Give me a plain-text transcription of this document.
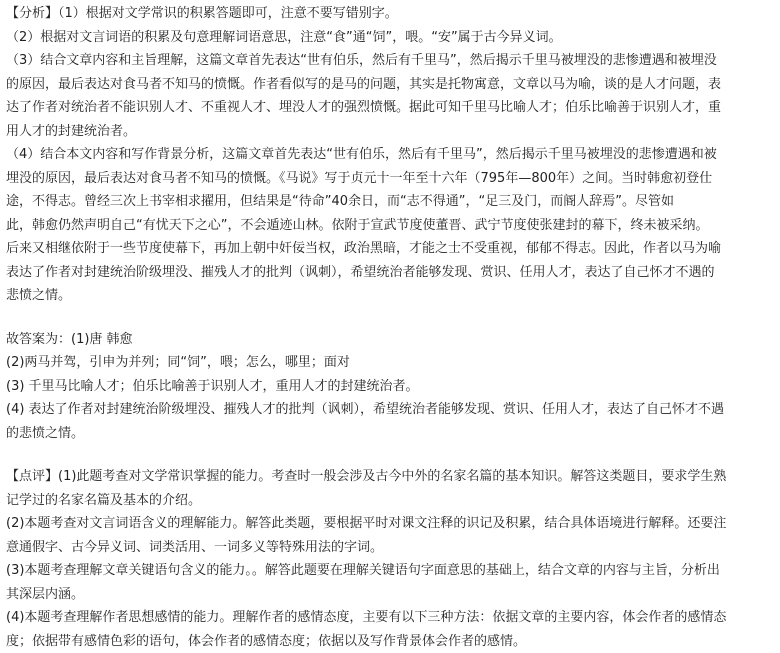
【分析】（1）根据对文学常识的积累答题即可，注意不要写错别字。
（2）根据对文言词语的积累及句意理解词语意思，注意“食”通“饲”，喂。“安”属于古今异义词。
（3）结合文章内容和主旨理解，这篇文章首先表达“世有伯乐，然后有千里马”，然后揭示千里马被埋没的悲惨遭遇和被埋没
的原因，最后表达对食马者不知马的愤慨。作者看似写的是马的问题，其实是托物寓意，文章以马为喻，谈的是人才问题，表
达了作者对统治者不能识别人才、不重视人才、埋没人才的强烈愤慨。据此可知千里马比喻人才；伯乐比喻善于识别人才，重
用人才的封建统治者。
（4）结合本文内容和写作背景分析，这篇文章首先表达“世有伯乐，然后有千里马”，然后揭示千里马被埋没的悲惨遭遇和被
埋没的原因，最后表达对食马者不知马的愤慨。《马说》写于贞元十一年至十六年（795年—800年）之间。当时韩愈初登仕
途，不得志。曾经三次上书宰相求擢用，但结果是“待命”40余日，而“志不得通”，“足三及门，而阍人辞焉”。尽管如
此，韩愈仍然声明自己“有忧天下之心”，不会遁迹山林。依附于宣武节度使董晋、武宁节度使张建封的幕下，终未被采纳。
后来又相继依附于一些节度使幕下，再加上朝中奸佞当权，政治黑暗，才能之士不受重视，郁郁不得志。因此，作者以马为喻
表达了作者对封建统治阶级埋没、摧残人才的批判（讽刺），希望统治者能够发现、赏识、任用人才，表达了自己怀才不遇的
悲愤之情。
故答案为：(1)唐 韩愈
(2)两马并驾，引申为并列；同“饲”，喂；怎么，哪里；面对
(3) 千里马比喻人才；伯乐比喻善于识别人才，重用人才的封建统治者。
(4) 表达了作者对封建统治阶级埋没、摧残人才的批判（讽刺），希望统治者能够发现、赏识、任用人才，表达了自己怀才不遇
的悲愤之情。
【点评】(1)此题考查对文学常识掌握的能力。考查时一般会涉及古今中外的名家名篇的基本知识。解答这类题目，要求学生熟
记学过的名家名篇及基本的介绍。
(2)本题考查对文言词语含义的理解能力。解答此类题，要根据平时对课文注释的识记及积累，结合具体语境进行解释。还要注
意通假字、古今异义词、词类活用、一词多义等特殊用法的字词。
(3)本题考查理解文章关键语句含义的能力。。解答此题要在理解关键语句字面意思的基础上，结合文章的内容与主旨，分析出
其深层内涵。
(4)本题考查理解作者思想感情的能力。理解作者的感情态度，主要有以下三种方法：依据文章的主要内容，体会作者的感情态
度；依据带有感情色彩的语句，体会作者的感情态度；依据以及写作背景体会作者的感情。
